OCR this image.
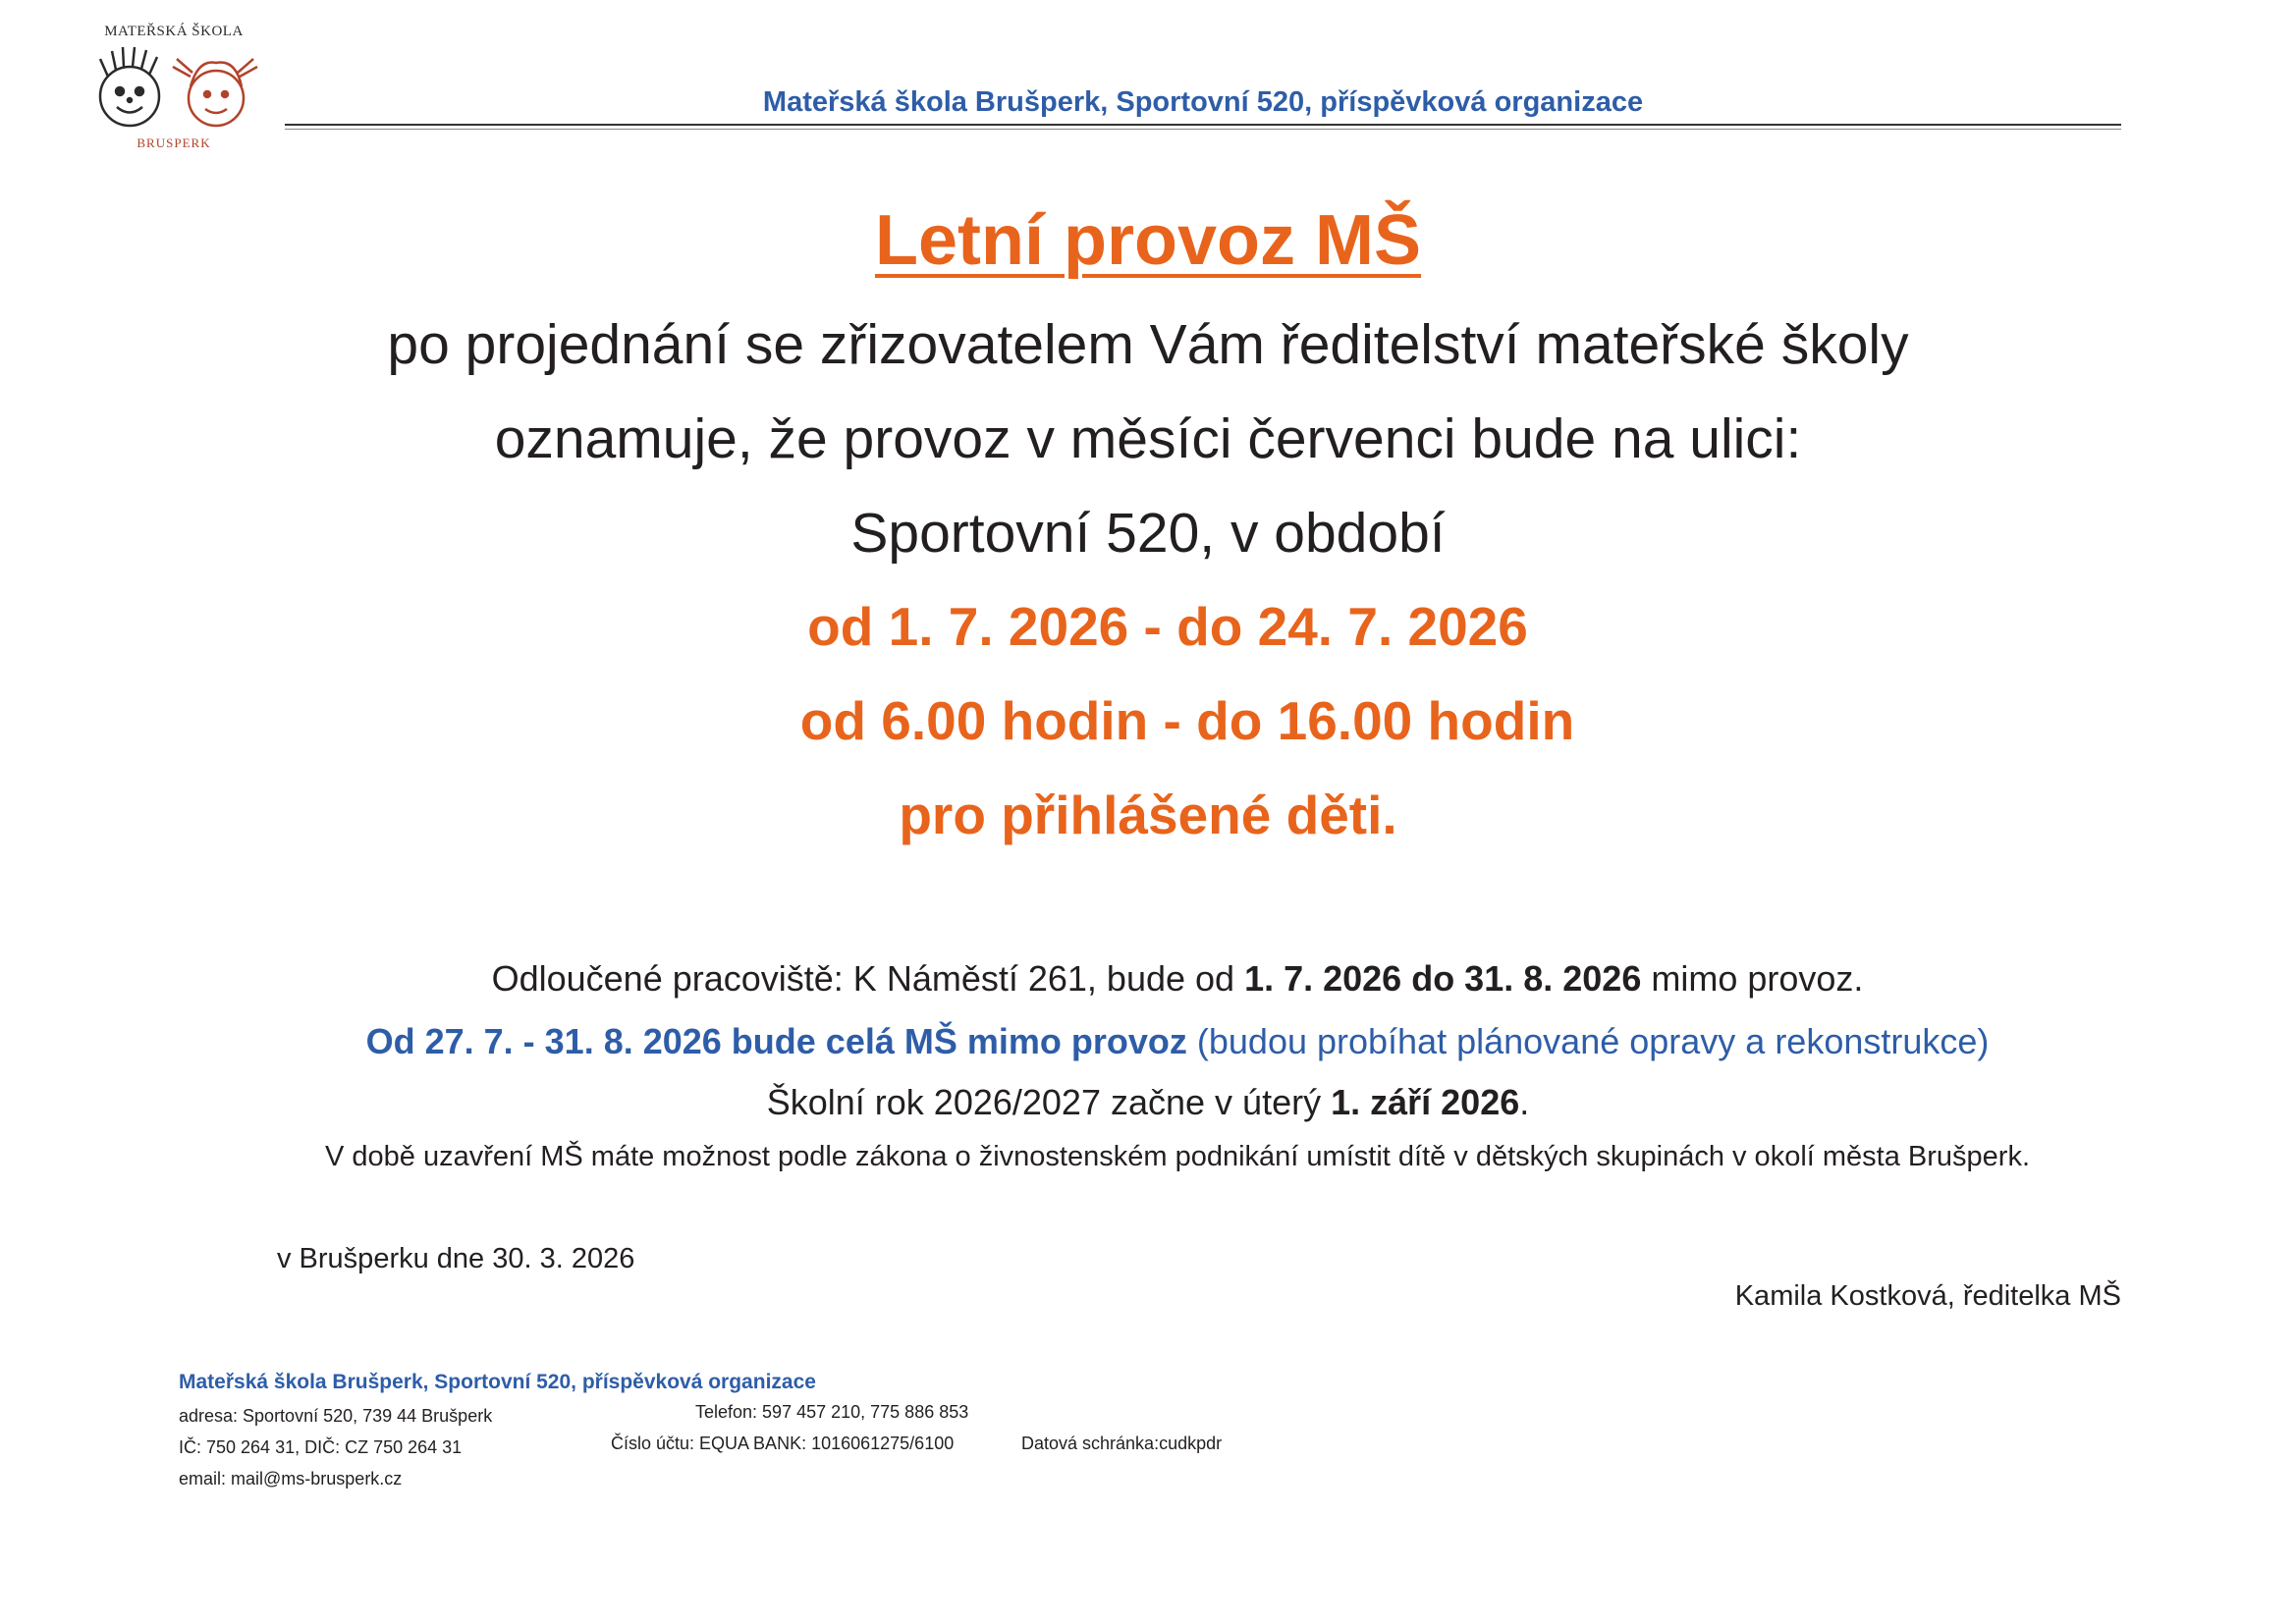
MATEŘSKÁ ŠKOLA
BRUSPERK
Mateřská škola Brušperk, Sportovní 520, příspěvková organizace
Letní provoz MŠ
po projednání se zřizovatelem Vám ředitelství mateřské školy
oznamuje, že provoz v měsíci červenci bude na ulici:
Sportovní 520, v období
od 1. 7. 2026 - do 24. 7. 2026
od 6.00 hodin - do 16.00 hodin
pro přihlášené děti.
Odloučené pracoviště: K Náměstí 261, bude od 1. 7. 2026 do 31. 8. 2026 mimo provoz.
Od 27. 7. - 31. 8. 2026 bude celá MŠ mimo provoz (budou probíhat plánované opravy a rekonstrukce)
Školní rok 2026/2027 začne v úterý 1. září 2026.
V době uzavření MŠ máte možnost podle zákona o živnostenském podnikání umístit dítě v dětských skupinách v okolí města Brušperk.
v Brušperku dne 30. 3. 2026
Kamila Kostková, ředitelka MŠ
Mateřská škola Brušperk, Sportovní 520, příspěvková organizace
adresa: Sportovní 520, 739 44 Brušperk
IČ: 750 264 31, DIČ: CZ 750 264 31
email: mail@ms-brusperk.cz
Telefon: 597 457 210, 775 886 853
Číslo účtu: EQUA BANK: 1016061275/6100	Datová schránka:cudkpdr
